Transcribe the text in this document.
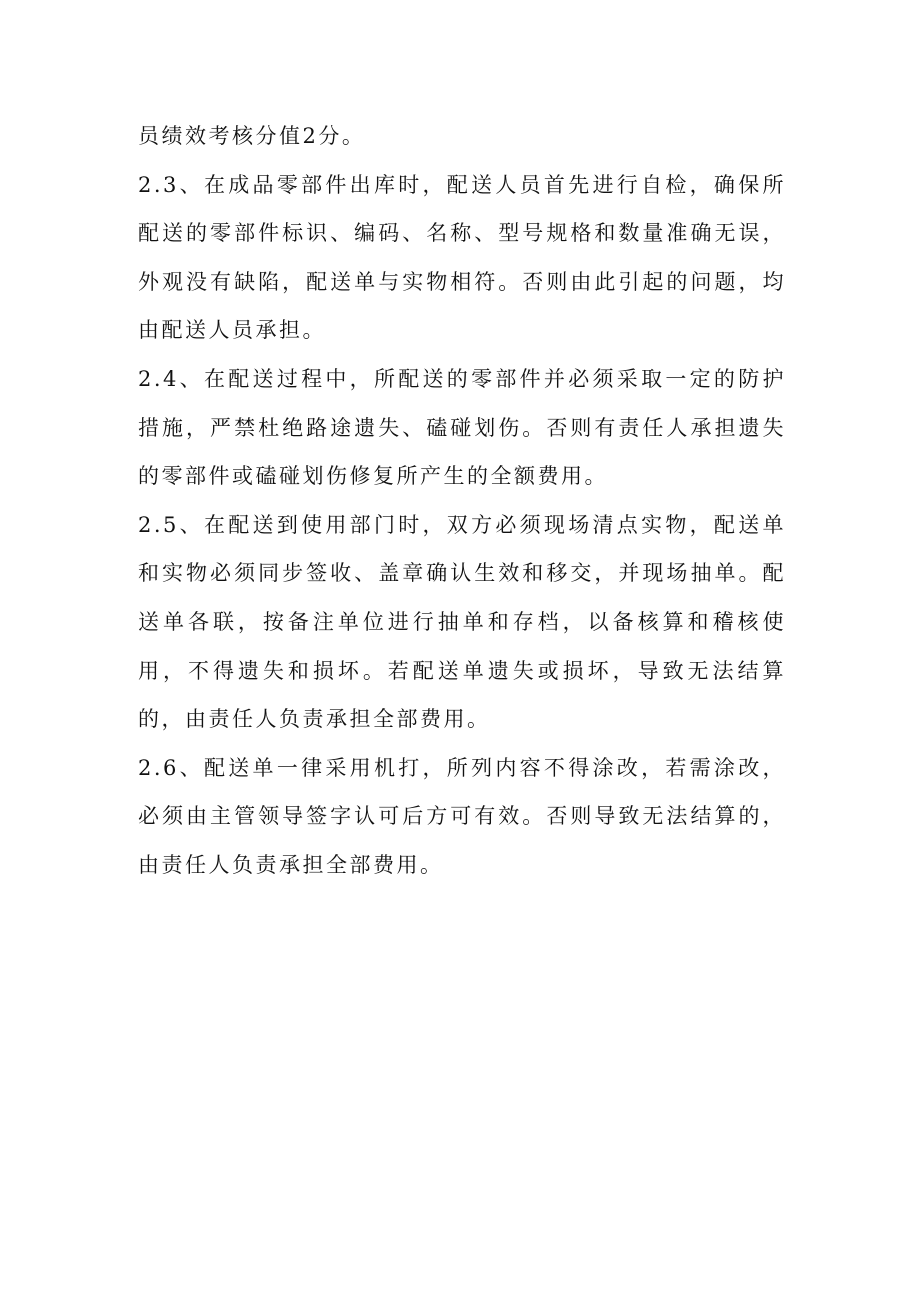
员绩效考核分值2分。

2.3、在成品零部件出库时，配送人员首先进行自检，确保所配送的零部件标识、编码、名称、型号规格和数量准确无误，外观没有缺陷，配送单与实物相符。否则由此引起的问题，均由配送人员承担。

2.4、在配送过程中，所配送的零部件并必须采取一定的防护措施，严禁杜绝路途遗失、磕碰划伤。否则有责任人承担遗失的零部件或磕碰划伤修复所产生的全额费用。

2.5、在配送到使用部门时，双方必须现场清点实物，配送单和实物必须同步签收、盖章确认生效和移交，并现场抽单。配送单各联，按备注单位进行抽单和存档，以备核算和稽核使用，不得遗失和损坏。若配送单遗失或损坏，导致无法结算的，由责任人负责承担全部费用。

2.6、配送单一律采用机打，所列内容不得涂改，若需涂改，必须由主管领导签字认可后方可有效。否则导致无法结算的，由责任人负责承担全部费用。
